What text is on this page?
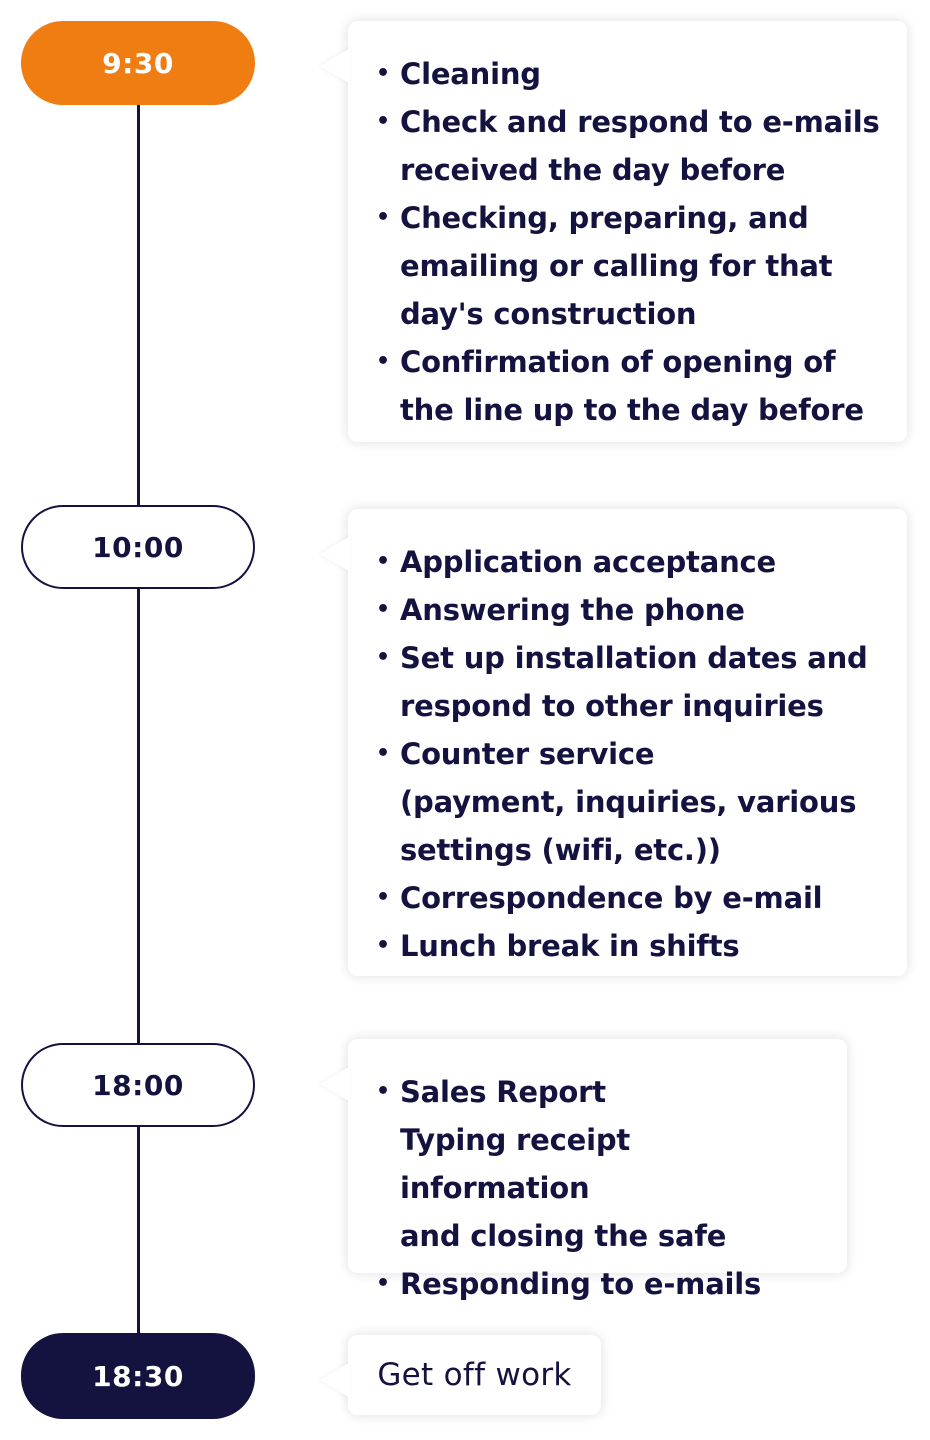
9:30	• Cleaning
• Check and respond to e-mails
received the day before
• Checking, preparing, and
emailing or calling for that
day's construction
• Confirmation of opening of
the line up to the day before
10:00	• Application acceptance
• Answering the phone
• Set up installation dates and
respond to other inquiries
• Counter service
(payment, inquiries, various
settings (wifi, etc.))
• Correspondence by e-mail
• Lunch break in shifts
18:00	• Sales Report
Typing receipt information
and closing the safe
• Responding to e-mails
18:30	Get off work
